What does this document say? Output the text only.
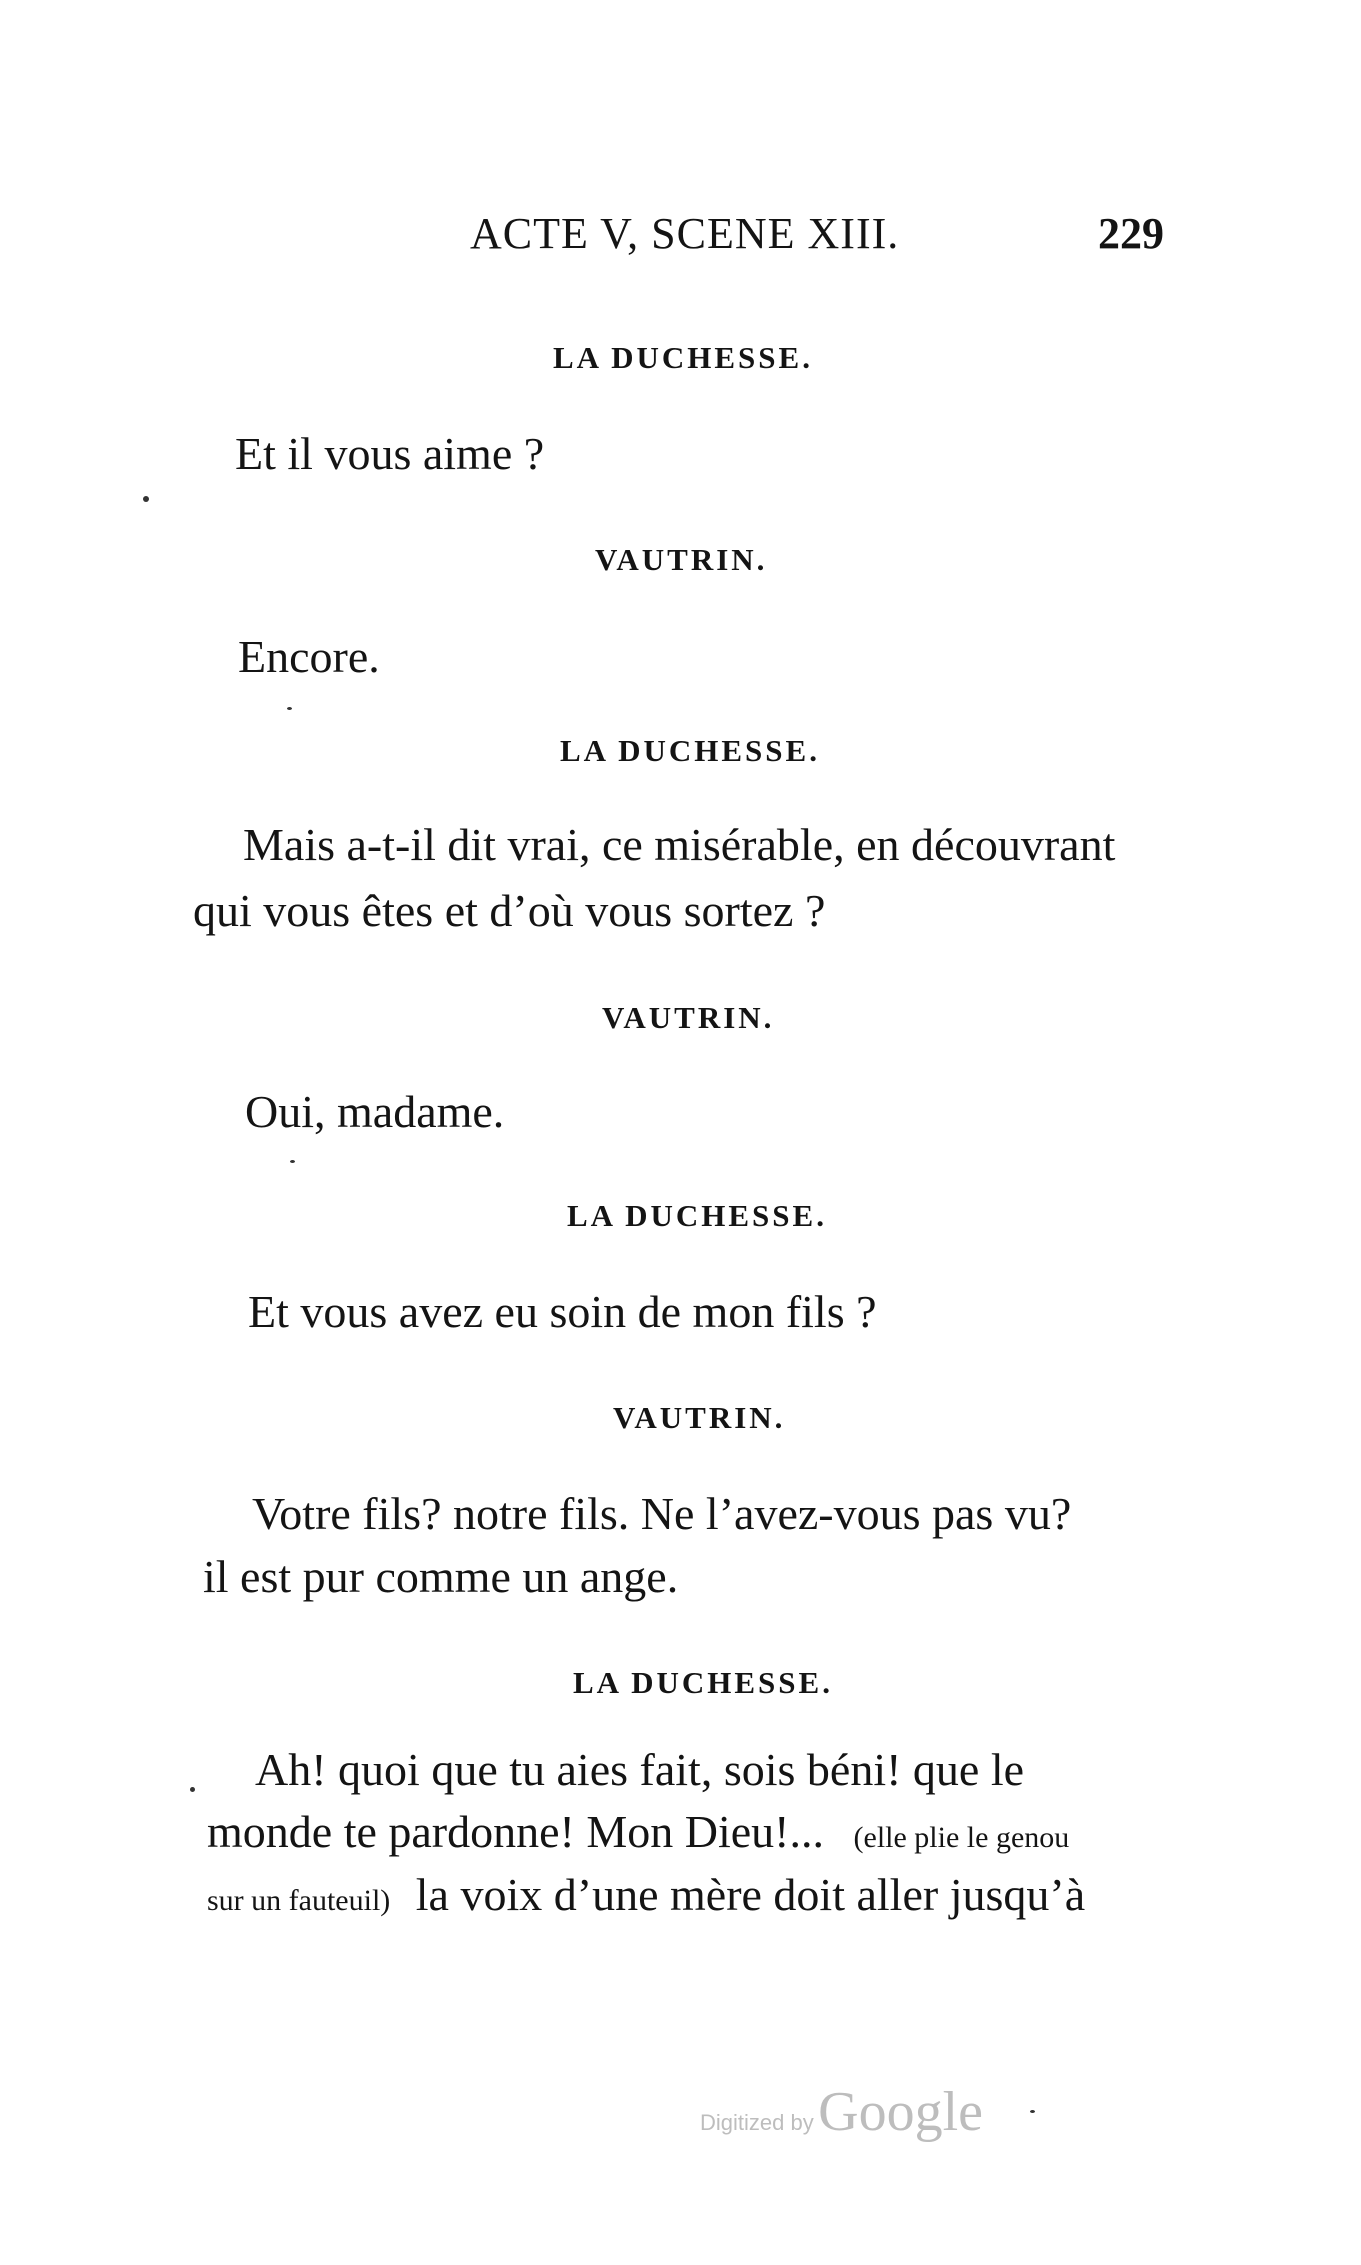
ACTE V, SCENE XIII.	229
LA DUCHESSE.
Et il vous aime ?
VAUTRIN.
Encore.
LA DUCHESSE.
Mais a-t-il dit vrai, ce misérable, en découvrant
qui vous êtes et d’où vous sortez ?
VAUTRIN.
Oui, madame.
LA DUCHESSE.
Et vous avez eu soin de mon fils ?
VAUTRIN.
Votre fils? notre fils. Ne l’avez-vous pas vu?
il est pur comme un ange.
LA DUCHESSE.
Ah! quoi que tu aies fait, sois béni! que le
monde te pardonne! Mon Dieu!... (elle plie le genou
sur un fauteuil) la voix d’une mère doit aller jusqu’à
Digitized by Google
